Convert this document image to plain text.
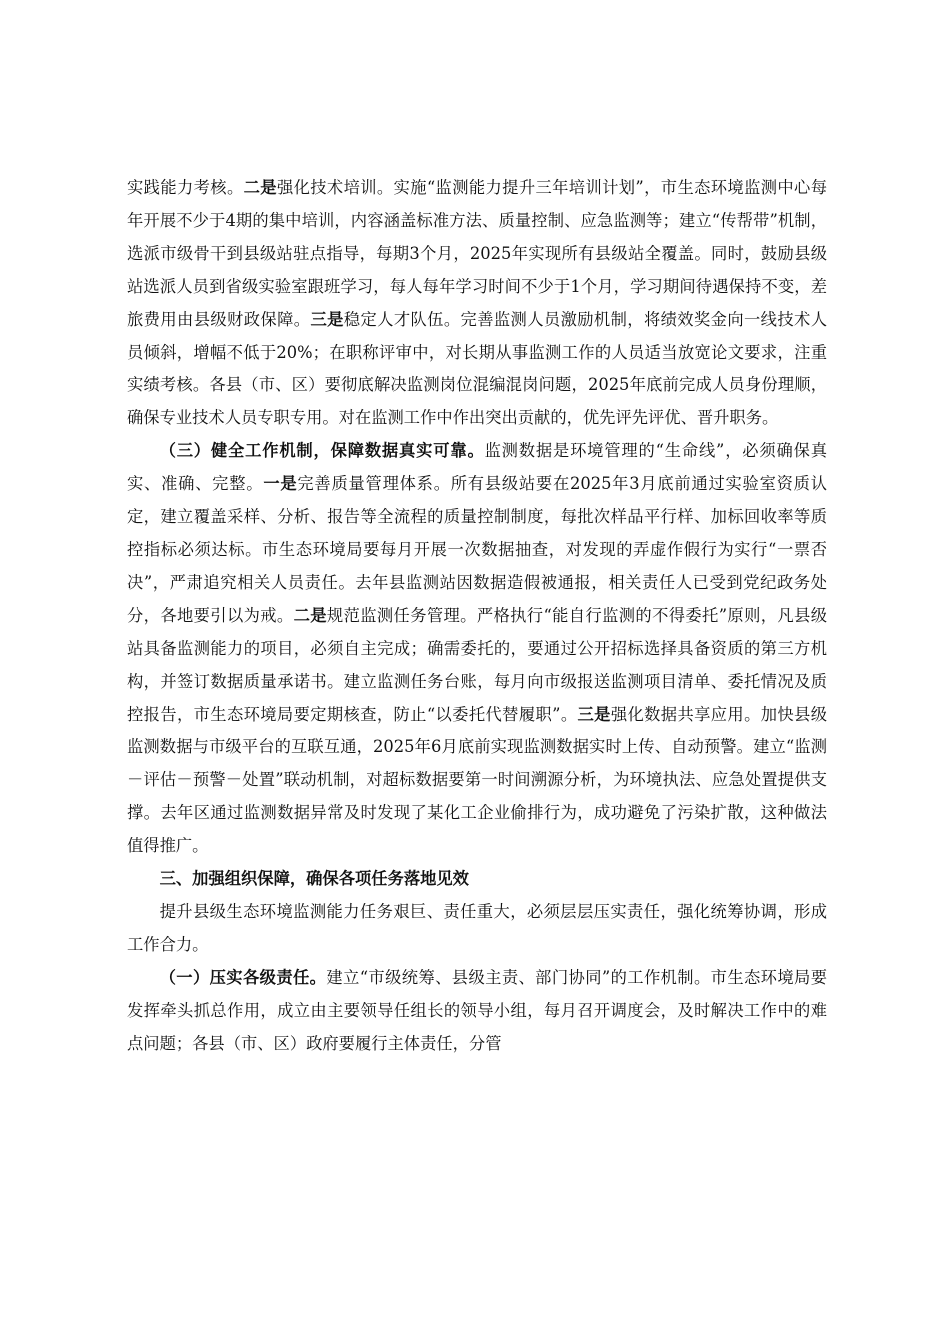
实践能力考核。二是强化技术培训。实施“监测能力提升三年培训计划”，市生态环境监测中心每年开展不少于4期的集中培训，内容涵盖标准方法、质量控制、应急监测等；建立“传帮带”机制，选派市级骨干到县级站驻点指导，每期3个月，2025年实现所有县级站全覆盖。同时，鼓励县级站选派人员到省级实验室跟班学习，每人每年学习时间不少于1个月，学习期间待遇保持不变，差旅费用由县级财政保障。三是稳定人才队伍。完善监测人员激励机制，将绩效奖金向一线技术人员倾斜，增幅不低于20%；在职称评审中，对长期从事监测工作的人员适当放宽论文要求，注重实绩考核。各县（市、区）要彻底解决监测岗位混编混岗问题，2025年底前完成人员身份理顺，确保专业技术人员专职专用。对在监测工作中作出突出贡献的，优先评先评优、晋升职务。

（三）健全工作机制，保障数据真实可靠。监测数据是环境管理的“生命线”，必须确保真实、准确、完整。一是完善质量管理体系。所有县级站要在2025年3月底前通过实验室资质认定，建立覆盖采样、分析、报告等全流程的质量控制制度，每批次样品平行样、加标回收率等质控指标必须达标。市生态环境局要每月开展一次数据抽查，对发现的弄虚作假行为实行“一票否决”，严肃追究相关人员责任。去年县监测站因数据造假被通报，相关责任人已受到党纪政务处分，各地要引以为戒。二是规范监测任务管理。严格执行“能自行监测的不得委托”原则，凡县级站具备监测能力的项目，必须自主完成；确需委托的，要通过公开招标选择具备资质的第三方机构，并签订数据质量承诺书。建立监测任务台账，每月向市级报送监测项目清单、委托情况及质控报告，市生态环境局要定期核查，防止“以委托代替履职”。三是强化数据共享应用。加快县级监测数据与市级平台的互联互通，2025年6月底前实现监测数据实时上传、自动预警。建立“监测－评估－预警－处置”联动机制，对超标数据要第一时间溯源分析，为环境执法、应急处置提供支撑。去年区通过监测数据异常及时发现了某化工企业偷排行为，成功避免了污染扩散，这种做法值得推广。

三、加强组织保障，确保各项任务落地见效

提升县级生态环境监测能力任务艰巨、责任重大，必须层层压实责任，强化统筹协调，形成工作合力。

（一）压实各级责任。建立“市级统筹、县级主责、部门协同”的工作机制。市生态环境局要发挥牵头抓总作用，成立由主要领导任组长的领导小组，每月召开调度会，及时解决工作中的难点问题；各县（市、区）政府要履行主体责任，分管
